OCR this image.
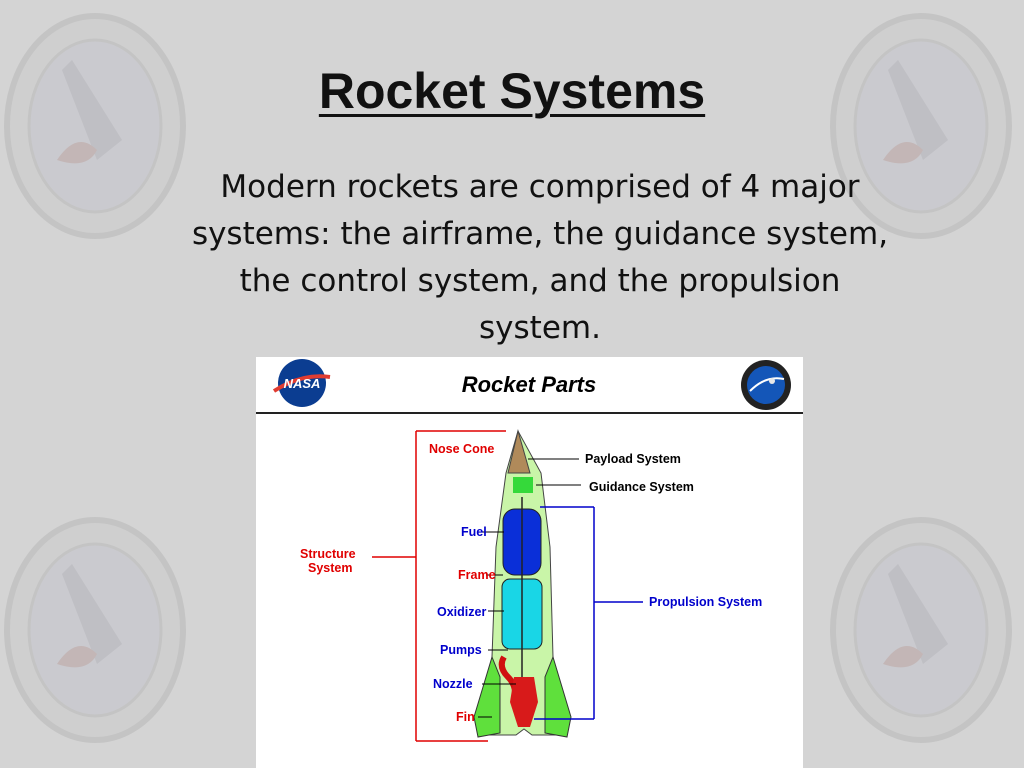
Rocket Systems
Modern rockets are comprised of 4 major systems: the airframe, the guidance system, the control system, and the propulsion system.
NASA	Rocket Parts
Nose Cone
Payload System
Guidance System
Fuel
Structure
System	Frame
Propulsion System
Oxidizer
Pumps
Nozzle
Fin
